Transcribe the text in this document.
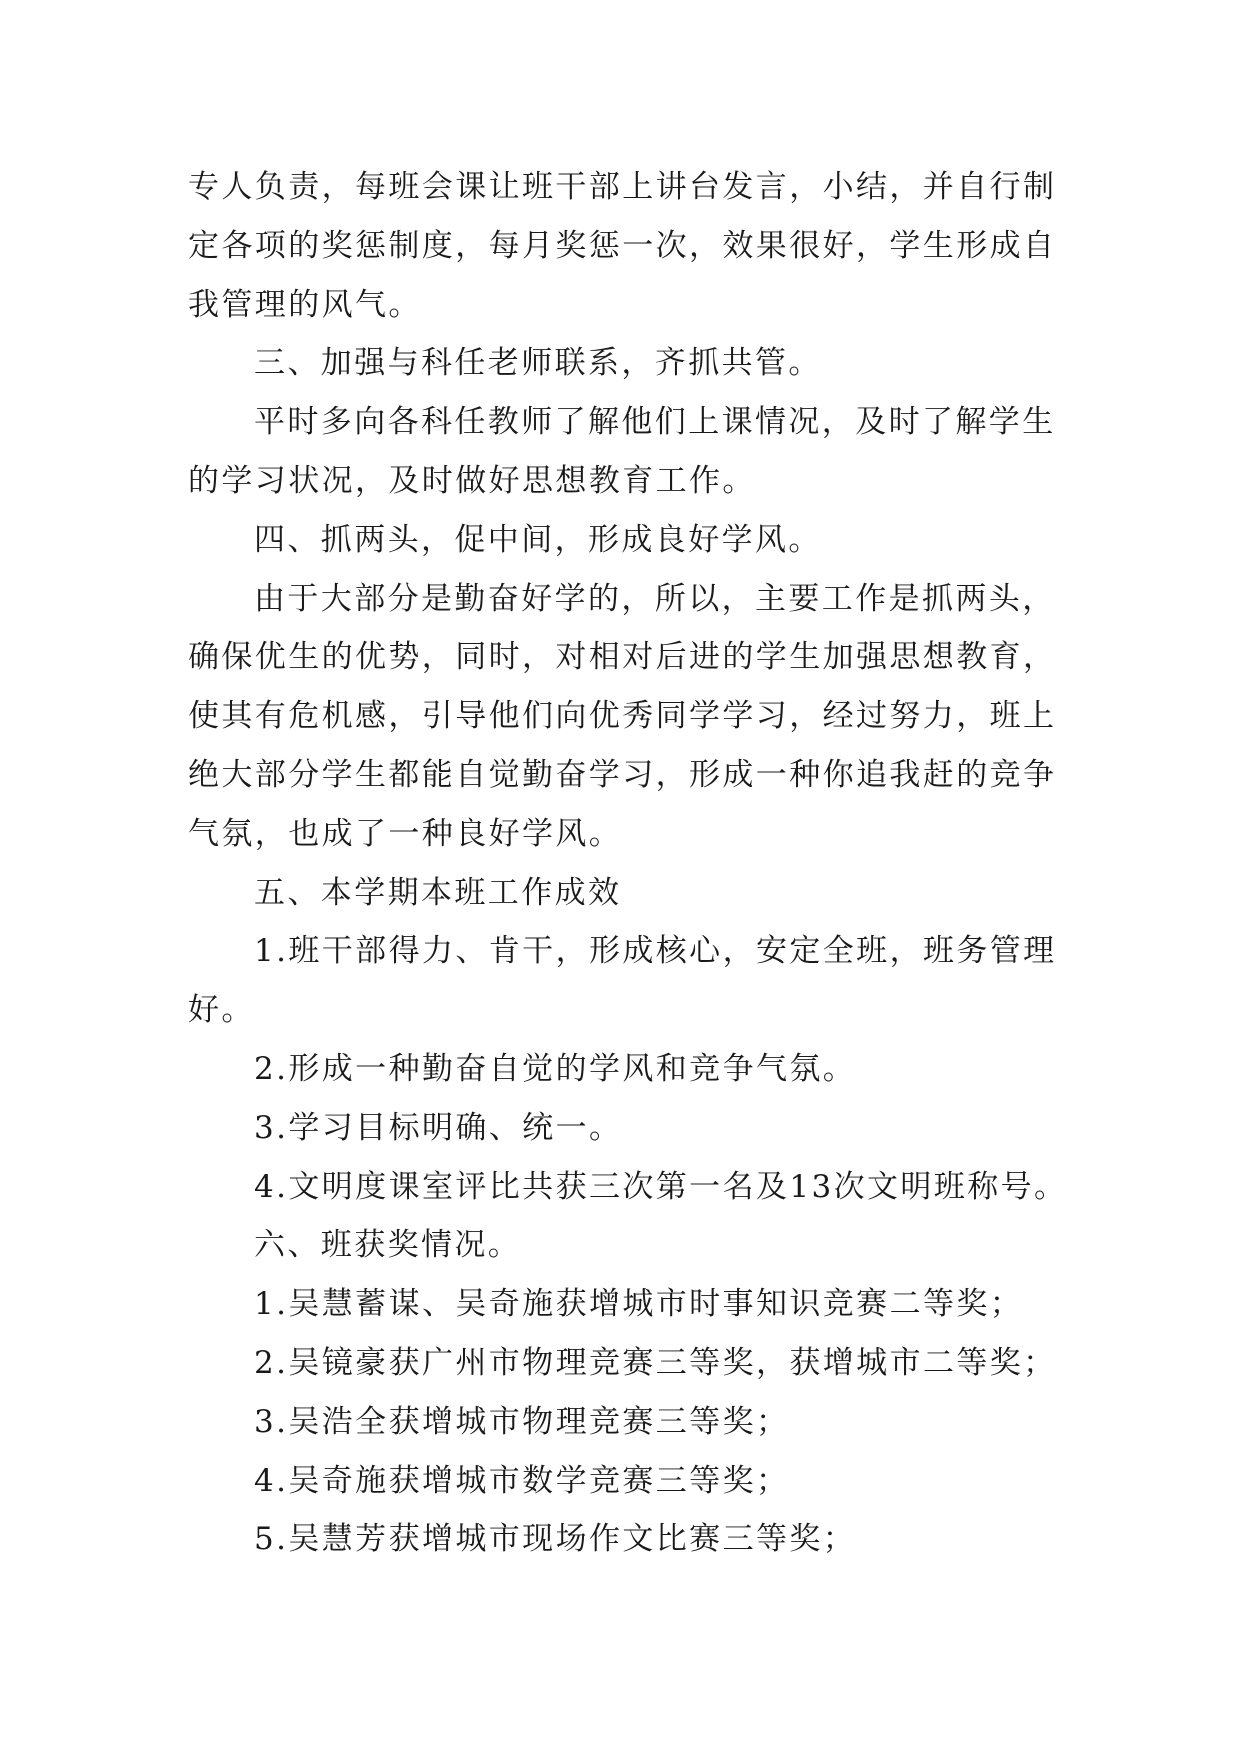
专人负责，每班会课让班干部上讲台发言，小结，并自行制
定各项的奖惩制度，每月奖惩一次，效果很好，学生形成自
我管理的风气。
三、加强与科任老师联系，齐抓共管。
平时多向各科任教师了解他们上课情况，及时了解学生
的学习状况，及时做好思想教育工作。
四、抓两头，促中间，形成良好学风。
由于大部分是勤奋好学的，所以，主要工作是抓两头，
确保优生的优势，同时，对相对后进的学生加强思想教育，
使其有危机感，引导他们向优秀同学学习，经过努力，班上
绝大部分学生都能自觉勤奋学习，形成一种你追我赶的竞争
气氛，也成了一种良好学风。
五、本学期本班工作成效
1.班干部得力、肯干，形成核心，安定全班，班务管理
好。
2.形成一种勤奋自觉的学风和竞争气氛。
3.学习目标明确、统一。
4.文明度课室评比共获三次第一名及13次文明班称号。
六、班获奖情况。
1.吴慧蓄谋、吴奇施获增城市时事知识竞赛二等奖；
2.吴镜豪获广州市物理竞赛三等奖，获增城市二等奖；
3.吴浩全获增城市物理竞赛三等奖；
4.吴奇施获增城市数学竞赛三等奖；
5.吴慧芳获增城市现场作文比赛三等奖；
